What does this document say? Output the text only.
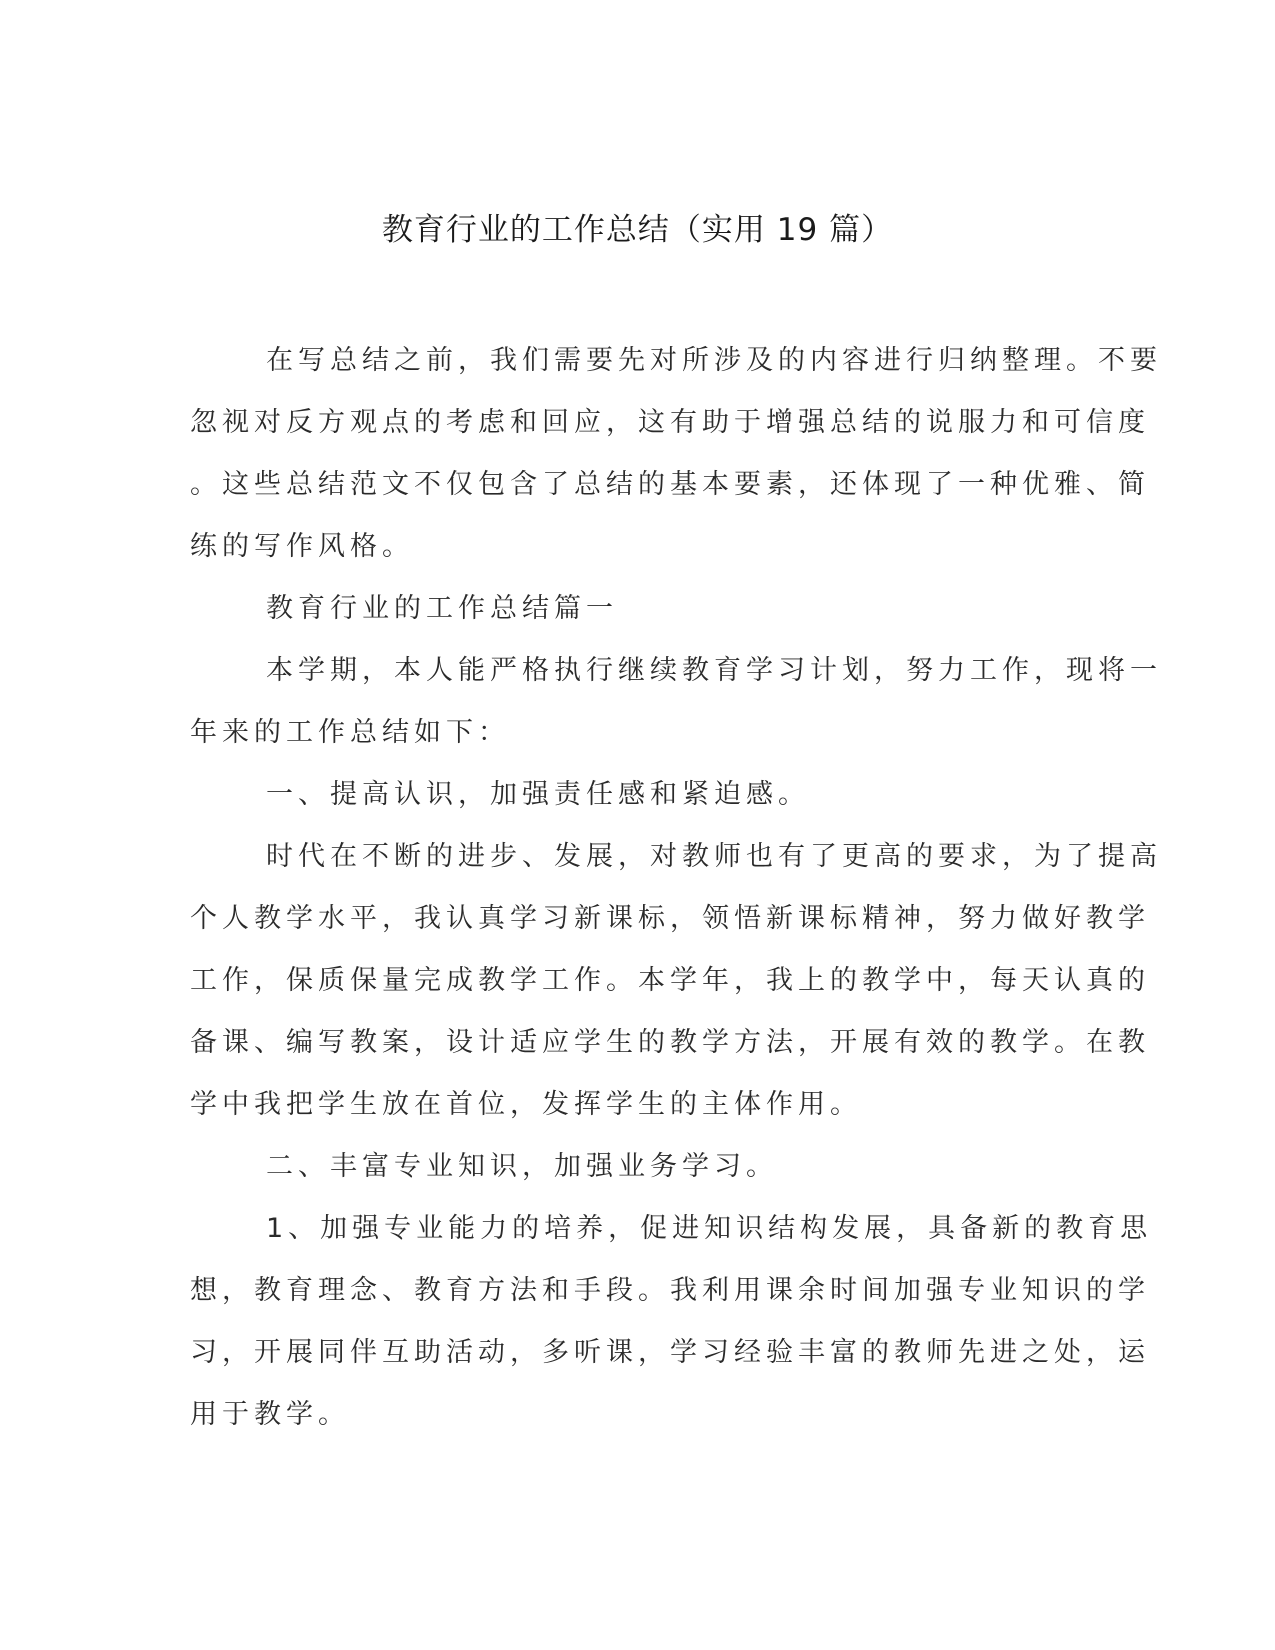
教育行业的工作总结（实用 19 篇）
在写总结之前，我们需要先对所涉及的内容进行归纳整理。不要
忽视对反方观点的考虑和回应，这有助于增强总结的说服力和可信度
。这些总结范文不仅包含了总结的基本要素，还体现了一种优雅、简
练的写作风格。
教育行业的工作总结篇一
本学期，本人能严格执行继续教育学习计划，努力工作，现将一
年来的工作总结如下：
一、提高认识，加强责任感和紧迫感。
时代在不断的进步、发展，对教师也有了更高的要求，为了提高
个人教学水平，我认真学习新课标，领悟新课标精神，努力做好教学
工作，保质保量完成教学工作。本学年，我上的教学中，每天认真的
备课、编写教案，设计适应学生的教学方法，开展有效的教学。在教
学中我把学生放在首位，发挥学生的主体作用。
二、丰富专业知识，加强业务学习。
1、加强专业能力的培养，促进知识结构发展，具备新的教育思
想，教育理念、教育方法和手段。我利用课余时间加强专业知识的学
习，开展同伴互助活动，多听课，学习经验丰富的教师先进之处，运
用于教学。
